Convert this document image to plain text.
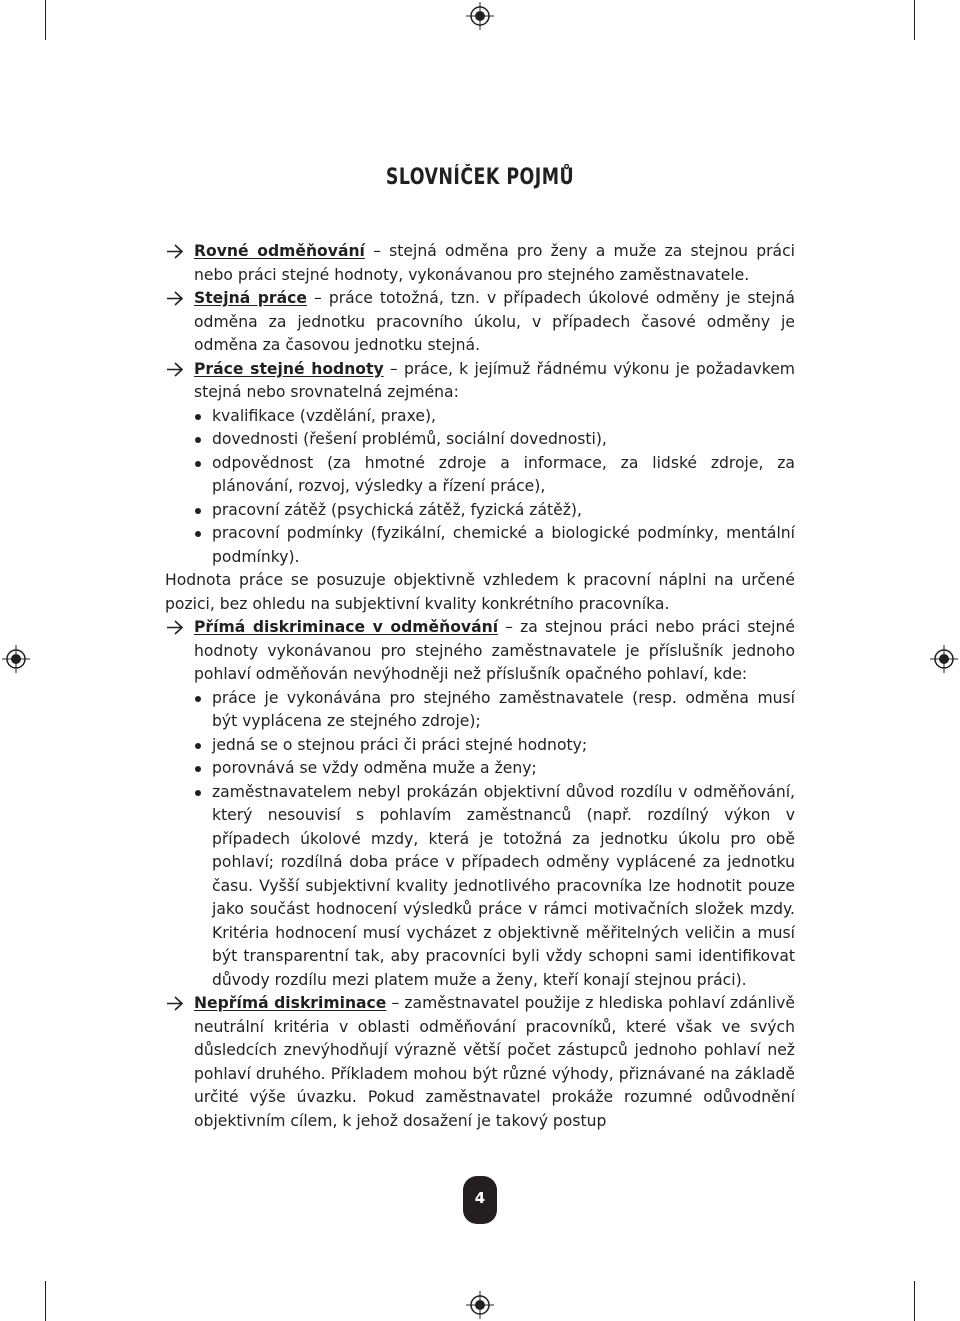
SLOVNÍČEK POJMŮ
Rovné odměňování – stejná odměna pro ženy a muže za stejnou práci nebo práci stejné hodnoty, vykonávanou pro stejného zaměstnavatele.
Stejná práce – práce totožná, tzn. v případech úkolové odměny je stejná odměna za jednotku pracovního úkolu, v případech časové odměny je odměna za časovou jednotku stejná.
Práce stejné hodnoty – práce, k jejímuž řádnému výkonu je požadavkem stejná nebo srovnatelná zejména:
kvalifikace (vzdělání, praxe),
dovednosti (řešení problémů, sociální dovednosti),
odpovědnost (za hmotné zdroje a informace, za lidské zdroje, za plánování, rozvoj, výsledky a řízení práce),
pracovní zátěž (psychická zátěž, fyzická zátěž),
pracovní podmínky (fyzikální, chemické a biologické podmínky, mentální podmínky).
Hodnota práce se posuzuje objektivně vzhledem k pracovní náplni na určené pozici, bez ohledu na subjektivní kvality konkrétního pracovníka.
Přímá diskriminace v odměňování – za stejnou práci nebo práci stejné hodnoty vykonávanou pro stejného zaměstnavatele je příslušník jednoho pohlaví odměňován nevýhodněji než příslušník opačného pohlaví, kde:
práce je vykonávána pro stejného zaměstnavatele (resp. odměna musí být vyplácena ze stejného zdroje);
jedná se o stejnou práci či práci stejné hodnoty;
porovnává se vždy odměna muže a ženy;
zaměstnavatelem nebyl prokázán objektivní důvod rozdílu v odměňování, který nesouvisí s pohlavím zaměstnanců (např. rozdílný výkon v případech úkolové mzdy, která je totožná za jednotku úkolu pro obě pohlaví; rozdílná doba práce v případech odměny vyplácené za jednotku času. Vyšší subjektivní kvality jednotlivého pracovníka lze hodnotit pouze jako součást hodnocení výsledků práce v rámci motivačních složek mzdy. Kritéria hodnocení musí vycházet z objektivně měřitelných veličin a musí být transparentní tak, aby pracovníci byli vždy schopni sami identifikovat důvody rozdílu mezi platem muže a ženy, kteří konají stejnou práci).
Nepřímá diskriminace – zaměstnavatel použije z hlediska pohlaví zdánlivě neutrální kritéria v oblasti odměňování pracovníků, které však ve svých důsledcích znevýhodňují výrazně větší počet zástupců jednoho pohlaví než pohlaví druhého. Příkladem mohou být různé výhody, přiznávané na základě určité výše úvazku. Pokud zaměstnavatel prokáže rozumné odůvodnění objektivním cílem, k jehož dosažení je takový postup
4
